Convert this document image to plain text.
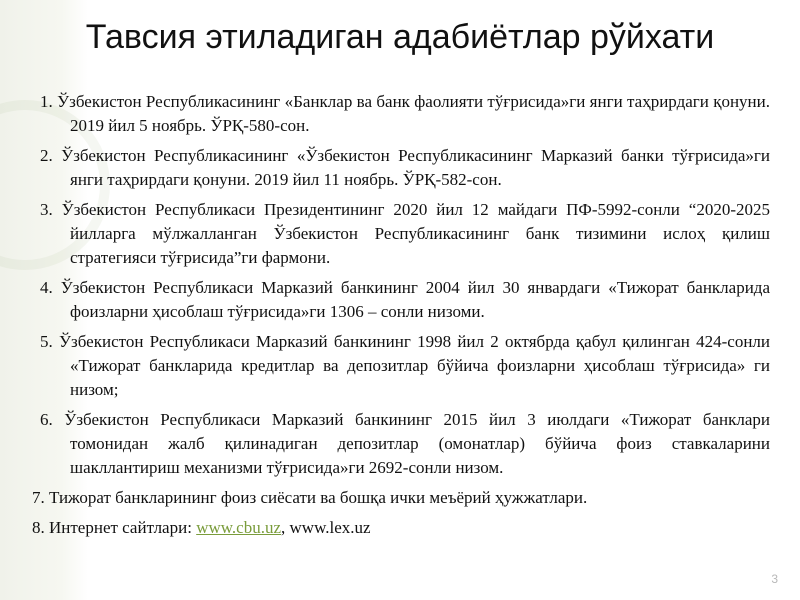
Тавсия этиладиган адабиётлар рўйхати
1. Ўзбекистон Республикасининг «Банклар ва банк фаолияти тўғрисида»ги янги таҳрирдаги қонуни. 2019 йил 5 ноябрь. ЎРҚ-580-сон.
2. Ўзбекистон Республикасининг «Ўзбекистон Республикасининг Марказий банки тўғрисида»ги янги таҳрирдаги қонуни. 2019 йил 11 ноябрь. ЎРҚ-582-сон.
3. Ўзбекистон Республикаси Президентининг 2020 йил 12 майдаги ПФ-5992-сонли “2020-2025 йилларга мўлжалланган Ўзбекистон Республикасининг банк тизимини ислоҳ қилиш стратегияси тўғрисида”ги фармони.
4. Ўзбекистон Республикаси Марказий банкининг 2004 йил 30 январдаги «Тижорат банкларида фоизларни ҳисоблаш тўғрисида»ги 1306 – сонли низоми.
5. Ўзбекистон Республикаси Марказий банкининг 1998 йил 2 октябрда қабул қилинган 424-сонли «Тижорат банкларида кредитлар ва депозитлар бўйича фоизларни ҳисоблаш тўғрисида» ги низом;
6. Ўзбекистон Республикаси Марказий банкининг 2015 йил 3 июлдаги «Тижорат банклари томонидан жалб қилинадиган депозитлар (омонатлар) бўйича фоиз ставкаларини шакллантириш механизми тўғрисида»ги 2692-сонли низом.
7. Тижорат банкларининг фоиз сиёсати ва бошқа ички меъёрий ҳужжатлари.
8. Интернет сайтлари: www.cbu.uz, www.lex.uz
3
